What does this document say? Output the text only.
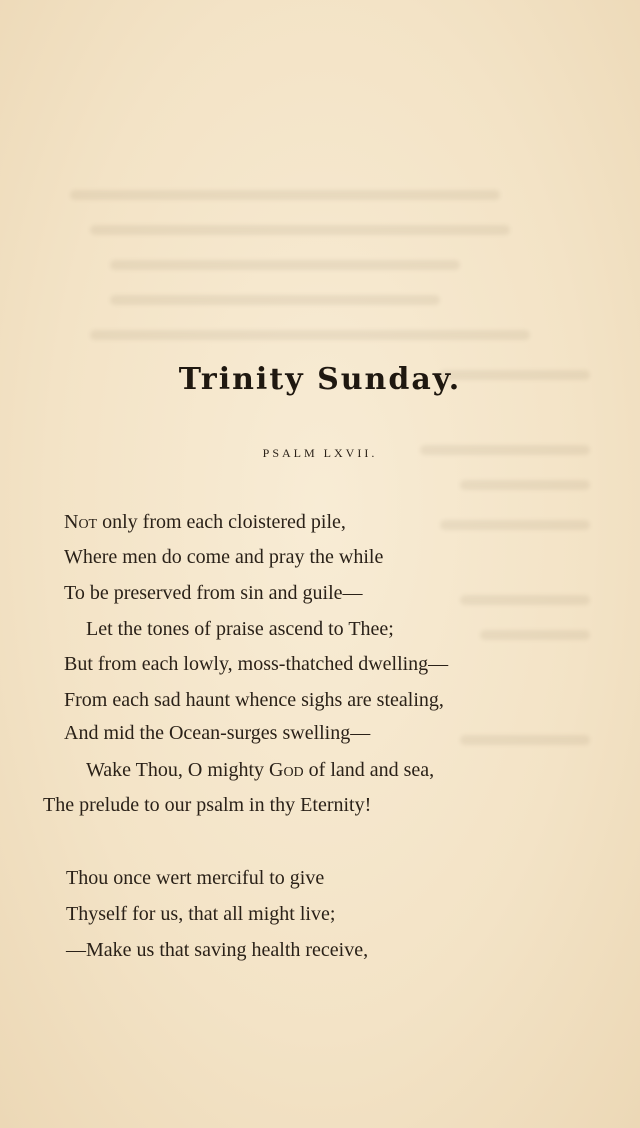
Trinity Sunday.
PSALM LXVII.
Not only from each cloistered pile,
Where men do come and pray the while
To be preserved from sin and guile—
Let the tones of praise ascend to Thee;
But from each lowly, moss-thatched dwelling—
From each sad haunt whence sighs are stealing,
And mid the Ocean-surges swelling—
Wake Thou, O mighty God of land and sea,
The prelude to our psalm in thy Eternity!
Thou once wert merciful to give
Thyself for us, that all might live;
—Make us that saving health receive,
